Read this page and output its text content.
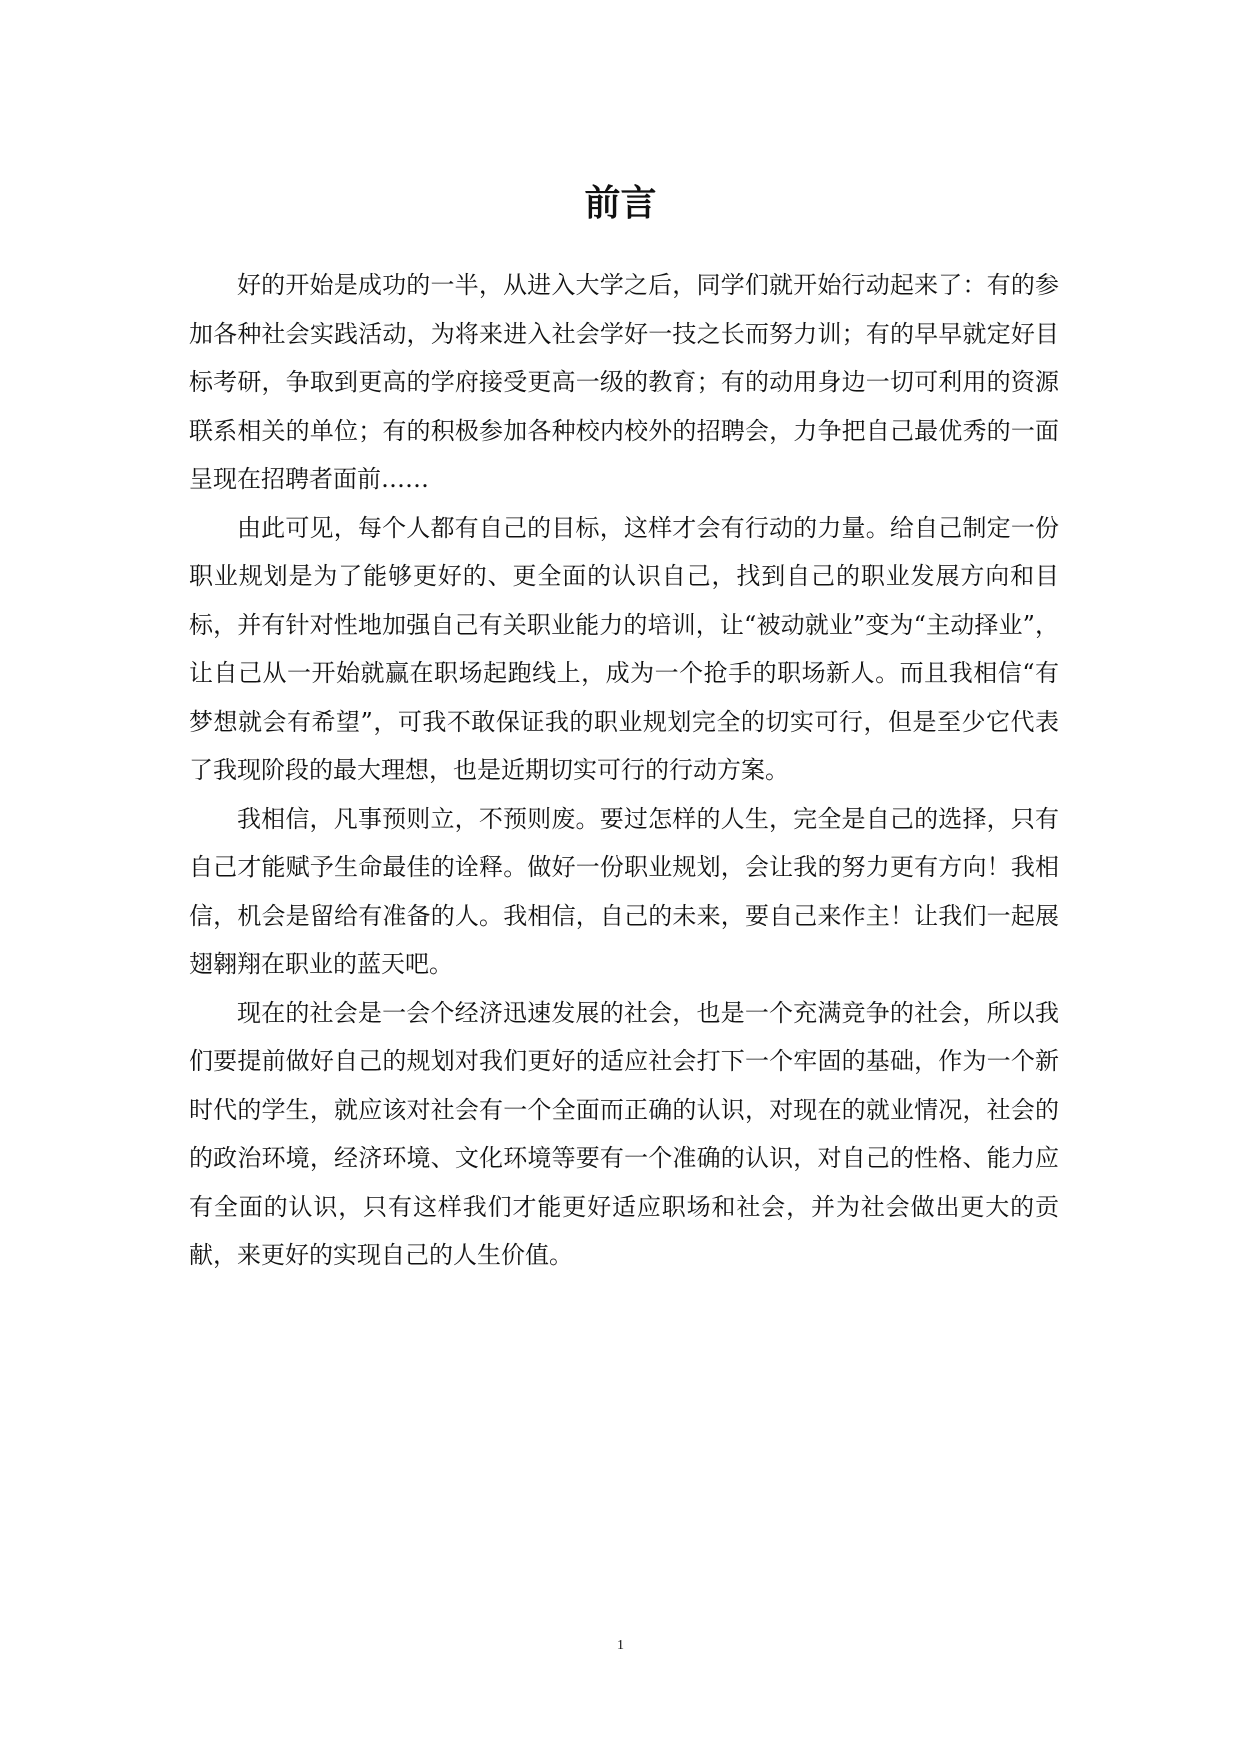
前言

好的开始是成功的一半，从进入大学之后，同学们就开始行动起来了：有的参加各种社会实践活动，为将来进入社会学好一技之长而努力训；有的早早就定好目标考研，争取到更高的学府接受更高一级的教育；有的动用身边一切可利用的资源联系相关的单位；有的积极参加各种校内校外的招聘会，力争把自己最优秀的一面呈现在招聘者面前……

由此可见，每个人都有自己的目标，这样才会有行动的力量。给自己制定一份职业规划是为了能够更好的、更全面的认识自己，找到自己的职业发展方向和目标，并有针对性地加强自己有关职业能力的培训，让“被动就业”变为“主动择业”，让自己从一开始就赢在职场起跑线上，成为一个抢手的职场新人。而且我相信“有梦想就会有希望”，可我不敢保证我的职业规划完全的切实可行，但是至少它代表了我现阶段的最大理想，也是近期切实可行的行动方案。

我相信，凡事预则立，不预则废。要过怎样的人生，完全是自己的选择，只有自己才能赋予生命最佳的诠释。做好一份职业规划，会让我的努力更有方向！我相信，机会是留给有准备的人。我相信，自己的未来，要自己来作主！让我们一起展翅翱翔在职业的蓝天吧。

现在的社会是一会个经济迅速发展的社会，也是一个充满竞争的社会，所以我们要提前做好自己的规划对我们更好的适应社会打下一个牢固的基础，作为一个新时代的学生，就应该对社会有一个全面而正确的认识，对现在的就业情况，社会的的政治环境，经济环境、文化环境等要有一个准确的认识，对自己的性格、能力应有全面的认识，只有这样我们才能更好适应职场和社会，并为社会做出更大的贡献，来更好的实现自己的人生价值。

1
